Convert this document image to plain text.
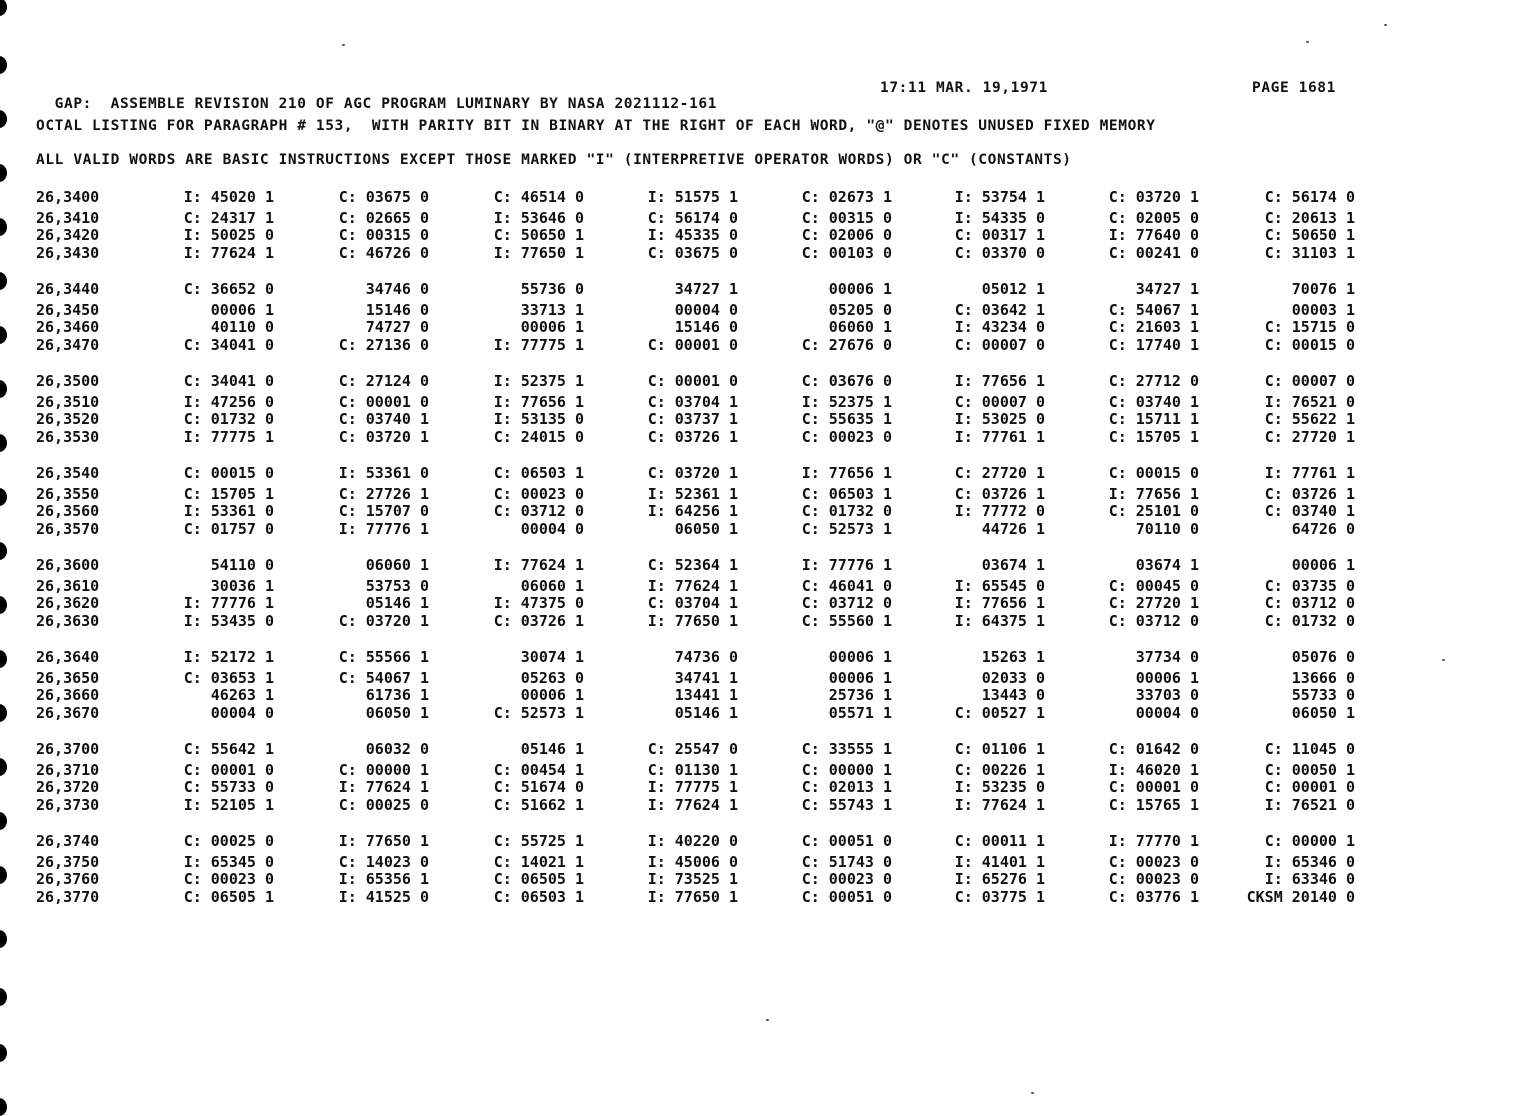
GAP:  ASSEMBLE REVISION 210 OF AGC PROGRAM LUMINARY BY NASA 2021112-161

17:11 MAR. 19,1971	PAGE 1681
OCTAL LISTING FOR PARAGRAPH # 153,  WITH PARITY BIT IN BINARY AT THE RIGHT OF EACH WORD, "@" DENOTES UNUSED FIXED MEMORY
ALL VALID WORDS ARE BASIC INSTRUCTIONS EXCEPT THOSE MARKED "I" (INTERPRETIVE OPERATOR WORDS) OR "C" (CONSTANTS)
26,3400	I: 45020 1	C: 03675 0	C: 46514 0	I: 51575 1	C: 02673 1	I: 53754 1	C: 03720 1	C: 56174 0
26,3410	C: 24317 1	C: 02665 0	I: 53646 0	C: 56174 0	C: 00315 0	I: 54335 0	C: 02005 0	C: 20613 1
26,3420	I: 50025 0	C: 00315 0	C: 50650 1	I: 45335 0	C: 02006 0	C: 00317 1	I: 77640 0	C: 50650 1
26,3430	I: 77624 1	C: 46726 0	I: 77650 1	C: 03675 0	C: 00103 0	C: 03370 0	C: 00241 0	C: 31103 1
26,3440	C: 36652 0	34746 0	55736 0	34727 1	00006 1	05012 1	34727 1	70076 1
26,3450	00006 1	15146 0	33713 1	00004 0	05205 0	C: 03642 1	C: 54067 1	00003 1
26,3460	40110 0	74727 0	00006 1	15146 0	06060 1	I: 43234 0	C: 21603 1	C: 15715 0
26,3470	C: 34041 0	C: 27136 0	I: 77775 1	C: 00001 0	C: 27676 0	C: 00007 0	C: 17740 1	C: 00015 0
26,3500	C: 34041 0	C: 27124 0	I: 52375 1	C: 00001 0	C: 03676 0	I: 77656 1	C: 27712 0	C: 00007 0
26,3510	I: 47256 0	C: 00001 0	I: 77656 1	C: 03704 1	I: 52375 1	C: 00007 0	C: 03740 1	I: 76521 0
26,3520	C: 01732 0	C: 03740 1	I: 53135 0	C: 03737 1	C: 55635 1	I: 53025 0	C: 15711 1	C: 55622 1
26,3530	I: 77775 1	C: 03720 1	C: 24015 0	C: 03726 1	C: 00023 0	I: 77761 1	C: 15705 1	C: 27720 1
26,3540	C: 00015 0	I: 53361 0	C: 06503 1	C: 03720 1	I: 77656 1	C: 27720 1	C: 00015 0	I: 77761 1
26,3550	C: 15705 1	C: 27726 1	C: 00023 0	I: 52361 1	C: 06503 1	C: 03726 1	I: 77656 1	C: 03726 1
26,3560	I: 53361 0	C: 15707 0	C: 03712 0	I: 64256 1	C: 01732 0	I: 77772 0	C: 25101 0	C: 03740 1
26,3570	C: 01757 0	I: 77776 1	00004 0	06050 1	C: 52573 1	44726 1	70110 0	64726 0
26,3600	54110 0	06060 1	I: 77624 1	C: 52364 1	I: 77776 1	03674 1	03674 1	00006 1
26,3610	30036 1	53753 0	06060 1	I: 77624 1	C: 46041 0	I: 65545 0	C: 00045 0	C: 03735 0
26,3620	I: 77776 1	05146 1	I: 47375 0	C: 03704 1	C: 03712 0	I: 77656 1	C: 27720 1	C: 03712 0
26,3630	I: 53435 0	C: 03720 1	C: 03726 1	I: 77650 1	C: 55560 1	I: 64375 1	C: 03712 0	C: 01732 0
26,3640	I: 52172 1	C: 55566 1	30074 1	74736 0	00006 1	15263 1	37734 0	05076 0
26,3650	C: 03653 1	C: 54067 1	05263 0	34741 1	00006 1	02033 0	00006 1	13666 0
26,3660	46263 1	61736 1	00006 1	13441 1	25736 1	13443 0	33703 0	55733 0
26,3670	00004 0	06050 1	C: 52573 1	05146 1	05571 1	C: 00527 1	00004 0	06050 1
26,3700	C: 55642 1	06032 0	05146 1	C: 25547 0	C: 33555 1	C: 01106 1	C: 01642 0	C: 11045 0
26,3710	C: 00001 0	C: 00000 1	C: 00454 1	C: 01130 1	C: 00000 1	C: 00226 1	I: 46020 1	C: 00050 1
26,3720	C: 55733 0	I: 77624 1	C: 51674 0	I: 77775 1	C: 02013 1	I: 53235 0	C: 00001 0	C: 00001 0
26,3730	I: 52105 1	C: 00025 0	C: 51662 1	I: 77624 1	C: 55743 1	I: 77624 1	C: 15765 1	I: 76521 0
26,3740	C: 00025 0	I: 77650 1	C: 55725 1	I: 40220 0	C: 00051 0	C: 00011 1	I: 77770 1	C: 00000 1
26,3750	I: 65345 0	C: 14023 0	C: 14021 1	I: 45006 0	C: 51743 0	I: 41401 1	C: 00023 0	I: 65346 0
26,3760	C: 00023 0	I: 65356 1	C: 06505 1	I: 73525 1	C: 00023 0	I: 65276 1	C: 00023 0	I: 63346 0
26,3770	C: 06505 1	I: 41525 0	C: 06503 1	I: 77650 1	C: 00051 0	C: 03775 1	C: 03776 1	CKSM 20140 0
